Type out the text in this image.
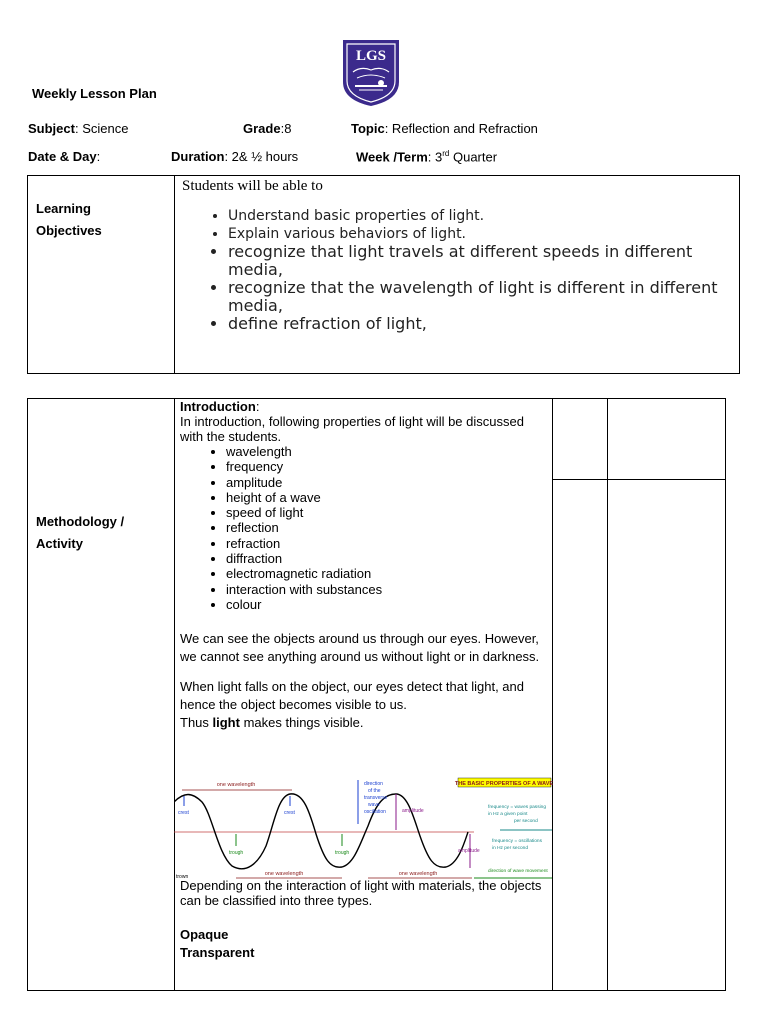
LGS
Weekly Lesson Plan
Subject: Science	Grade:8	Topic: Reflection and Refraction
Date & Day:	Duration: 2& ½ hours	Week /Term: 3rd Quarter
Learning
Objectives

Students will be able to

• Understand basic properties of light.
• Explain various behaviors of light.
• recognize that light travels at different speeds in different media,
• recognize that the wavelength of light is different in different media,
• define refraction of light,
Methodology /
Activity

Introduction:

In introduction, following properties of light will be discussed with the students.

• wavelength
• frequency
• amplitude
• height of a wave
• speed of light
• reflection
• refraction
• diffraction
• electromagnetic radiation
• interaction with substances
• colour

We can see the objects around us through our eyes. However, we cannot see anything around us without light or in darkness.

When light falls on the object, our eyes detect that light, and hence the object becomes visible to us.

Thus light makes things visible.

Depending on the interaction of light with materials, the objects can be classified into three types.

Opaque

Transparent

one wavelength
crest	crest
trough	trough
one wavelength	one wavelength
trown
direction
of the
transverse
wave
oscillation	amplitude
amplitude
THE BASIC PROPERTIES OF A WAVE
frequency = waves passing
in Hz a given point
per second
frequency = oscillations
in Hz per second
direction of wave movement
